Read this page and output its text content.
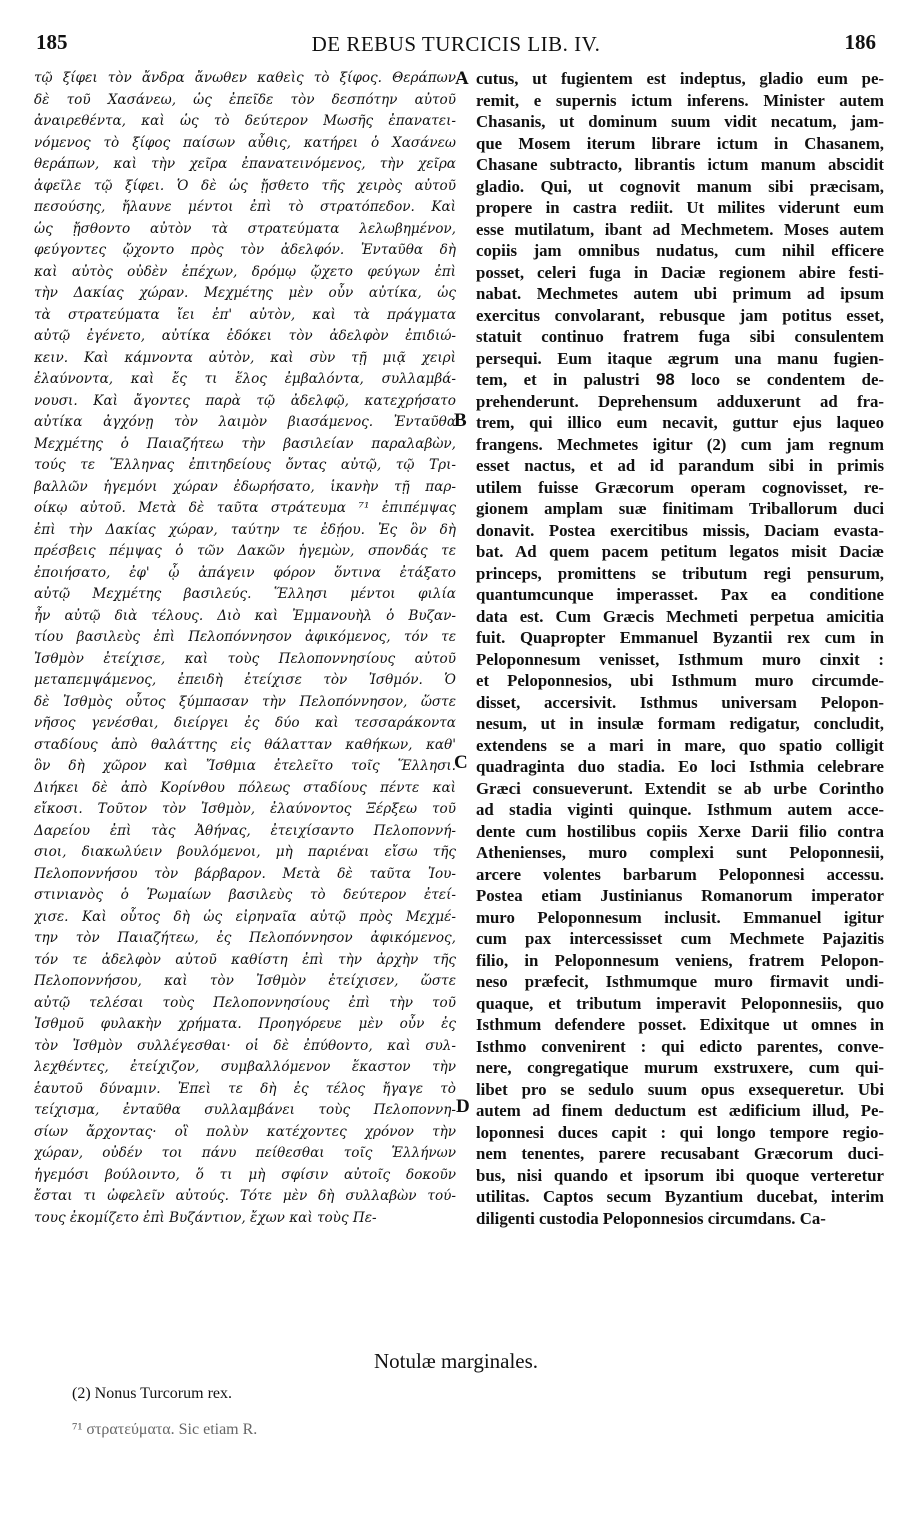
185	DE REBUS TURCICIS LIB. IV.	186
τῷ ξίφει τὸν ἄνδρα ἄνωθεν καθεὶς τὸ ξίφος. Θεράπων
δὲ τοῦ Χασάνεω, ὡς ἐπεῖδε τὸν δεσπότην αὐτοῦ
ἀναιρεθέντα, καὶ ὡς τὸ δεύτερον Μωσῆς ἐπανατει-
νόμενος τὸ ξίφος παίσων αὖθις, κατήρει ὁ Χασάνεω
θεράπων, καὶ τὴν χεῖρα ἐπανατεινόμενος, τὴν χεῖρα
ἀφεῖλε τῷ ξίφει. Ὁ δὲ ὡς ᾔσθετο τῆς χειρὸς αὐτοῦ
πεσούσης, ἤλαυνε μέντοι ἐπὶ τὸ στρατόπεδον. Καὶ
ὡς ᾔσθοντο αὐτὸν τὰ στρατεύματα λελωβημένον,
φεύγοντες ᾤχοντο πρὸς τὸν ἀδελφόν. Ἐνταῦθα δὴ
καὶ αὐτὸς οὐδὲν ἐπέχων, δρόμῳ ᾤχετο φεύγων ἐπὶ
τὴν Δακίας χώραν. Μεχμέτης μὲν οὖν αὐτίκα, ὡς
τὰ στρατεύματα ἴει ἐπ' αὐτὸν, καὶ τὰ πράγματα
αὐτῷ ἐγένετο, αὐτίκα ἐδόκει τὸν ἀδελφὸν ἐπιδιώ-
κειν. Καὶ κάμνοντα αὐτὸν, καὶ σὺν τῇ μιᾷ χειρὶ
ἐλαύνοντα, καὶ ἔς τι ἕλος ἐμβαλόντα, συλλαμβά-
νουσι. Καὶ ἄγοντες παρὰ τῷ ἀδελφῷ, κατεχρήσατο
αὐτίκα ἀγχόνῃ τὸν λαιμὸν βιασάμενος. Ἐνταῦθα
Μεχμέτης ὁ Παιαζήτεω τὴν βασιλείαν παραλαβὼν,
τούς τε Ἕλληνας ἐπιτηδείους ὄντας αὐτῷ, τῷ Τρι-
βαλλῶν ἡγεμόνι χώραν ἐδωρήσατο, ἱκανὴν τῇ παρ-
οίκῳ αὐτοῦ. Μετὰ δὲ ταῦτα στράτευμα ⁷¹ ἐπιπέμψας
ἐπὶ τὴν Δακίας χώραν, ταύτην τε ἐδῄου. Ἐς ὃν δὴ
πρέσβεις πέμψας ὁ τῶν Δακῶν ἡγεμὼν, σπονδάς τε
ἐποιήσατο, ἐφ' ᾧ ἀπάγειν φόρον ὅντινα ἐτάξατο
αὐτῷ Μεχμέτης βασιλεύς. Ἕλλησι μέντοι φιλία
ἦν αὐτῷ διὰ τέλους. Διὸ καὶ Ἐμμανουὴλ ὁ Βυζαν-
τίου βασιλεὺς ἐπὶ Πελοπόννησον ἀφικόμενος, τόν τε
Ἰσθμὸν ἐτείχισε, καὶ τοὺς Πελοποννησίους αὐτοῦ
μεταπεμψάμενος, ἐπειδὴ ἐτείχισε τὸν Ἰσθμόν. Ὁ
δὲ Ἰσθμὸς οὗτος ξύμπασαν τὴν Πελοπόννησον, ὥστε
νῆσος γενέσθαι, διείργει ἐς δύο καὶ τεσσαράκοντα
σταδίους ἀπὸ θαλάττης εἰς θάλατταν καθήκων, καθ'
ὃν δὴ χῶρον καὶ Ἴσθμια ἐτελεῖτο τοῖς Ἕλλησι.
Διήκει δὲ ἀπὸ Κορίνθου πόλεως σταδίους πέντε καὶ
εἴκοσι. Τοῦτον τὸν Ἰσθμὸν, ἐλαύνοντος Ξέρξεω τοῦ
Δαρείου ἐπὶ τὰς Ἀθήνας, ἐτειχίσαντο Πελοποννή-
σιοι, διακωλύειν βουλόμενοι, μὴ παριέναι εἴσω τῆς
Πελοποννήσου τὸν βάρβαρον. Μετὰ δὲ ταῦτα Ἰου-
στινιανὸς ὁ Ῥωμαίων βασιλεὺς τὸ δεύτερον ἐτεί-
χισε. Καὶ οὗτος δὴ ὡς εἰρηναῖα αὐτῷ πρὸς Μεχμέ-
την τὸν Παιαζήτεω, ἐς Πελοπόννησον ἀφικόμενος,
τόν τε ἀδελφὸν αὐτοῦ καθίστη ἐπὶ τὴν ἀρχὴν τῆς
Πελοποννήσου, καὶ τὸν Ἰσθμὸν ἐτείχισεν, ὥστε
αὐτῷ τελέσαι τοὺς Πελοποννησίους ἐπὶ τὴν τοῦ
Ἰσθμοῦ φυλακὴν χρήματα. Προηγόρευε μὲν οὖν ἐς
τὸν Ἰσθμὸν συλλέγεσθαι· οἱ δὲ ἐπύθοντο, καὶ συλ-
λεχθέντες, ἐτείχιζον, συμβαλλόμενον ἕκαστον τὴν
ἑαυτοῦ δύναμιν. Ἐπεὶ τε δὴ ἐς τέλος ἤγαγε τὸ
τείχισμα, ἐνταῦθα συλλαμβάνει τοὺς Πελοποννη-
σίων ἄρχοντας· οἳ πολὺν κατέχοντες χρόνον τὴν
χώραν, οὐδέν τοι πάνυ πείθεσθαι τοῖς Ἑλλήνων
ἡγεμόσι βούλοιντο, ὅ τι μὴ σφίσιν αὐτοῖς δοκοῦν
ἔσται τι ὠφελεῖν αὐτούς. Τότε μὲν δὴ συλλαβὼν τού-
τους ἐκομίζετο ἐπὶ Βυζάντιον, ἔχων καὶ τοὺς Πε-
cutus, ut fugientem est indeptus, gladio eum pe-
remit, e supernis ictum inferens. Minister autem
Chasanis, ut dominum suum vidit necatum, jam-
que Mosem iterum librare ictum in Chasanem,
Chasane subtracto, librantis ictum manum abscidit
gladio. Qui, ut cognovit manum sibi præcisam,
propere in castra rediit. Ut milites viderunt eum
esse mutilatum, ibant ad Mechmetem. Moses autem
copiis jam omnibus nudatus, cum nihil efficere
posset, celeri fuga in Daciæ regionem abire festi-
nabat. Mechmetes autem ubi primum ad ipsum
exercitus convolarant, rebusque jam potitus esset,
statuit continuo fratrem fuga sibi consulentem
persequi. Eum itaque ægrum una manu fugien-
tem, et in palustri 98 loco se condentem de-
prehenderunt. Deprehensum adduxerunt ad fra-
trem, qui illico eum necavit, guttur ejus laqueo
frangens. Mechmetes igitur (2) cum jam regnum
esset nactus, et ad id parandum sibi in primis
utilem fuisse Græcorum operam cognovisset, re-
gionem amplam suæ finitimam Triballorum duci
donavit. Postea exercitibus missis, Daciam evasta-
bat. Ad quem pacem petitum legatos misit Daciæ
princeps, promittens se tributum regi pensurum,
quantumcunque imperasset. Pax ea conditione
data est. Cum Græcis Mechmeti perpetua amicitia
fuit. Quapropter Emmanuel Byzantii rex cum in
Peloponnesum venisset, Isthmum muro cinxit :
et Peloponnesios, ubi Isthmum muro circumde-
disset, accersivit. Isthmus universam Pelopon-
nesum, ut in insulæ formam redigatur, concludit,
extendens se a mari in mare, quo spatio colligit
quadraginta duo stadia. Eo loci Isthmia celebrare
Græci consueverunt. Extendit se ab urbe Corintho
ad stadia viginti quinque. Isthmum autem acce-
dente cum hostilibus copiis Xerxe Darii filio contra
Athenienses, muro complexi sunt Peloponnesii,
arcere volentes barbarum Peloponnesi accessu.
Postea etiam Justinianus Romanorum imperator
muro Peloponnesum inclusit. Emmanuel igitur
cum pax intercessisset cum Mechmete Pajazitis
filio, in Peloponnesum veniens, fratrem Pelopon-
neso præfecit, Isthmumque muro firmavit undi-
quaque, et tributum imperavit Peloponnesiis, quo
Isthmum defendere posset. Edixitque ut omnes in
Isthmo convenirent : qui edicto parentes, conve-
nere, congregatique murum exstruxere, cum qui-
libet pro se sedulo suum opus exsequeretur. Ubi
autem ad finem deductum est ædificium illud, Pe-
loponnesi duces capit : qui longo tempore regio-
nem tenentes, parere recusabant Græcorum duci-
bus, nisi quando et ipsorum ibi quoque verteretur
utilitas. Captos secum Byzantium ducebat, interim
diligenti custodia Peloponnesios circumdans. Ca-
A
B
C
D
Notulæ marginales.
(2) Nonus Turcorum rex.
⁷¹ στρατεύματα. Sic etiam R.
